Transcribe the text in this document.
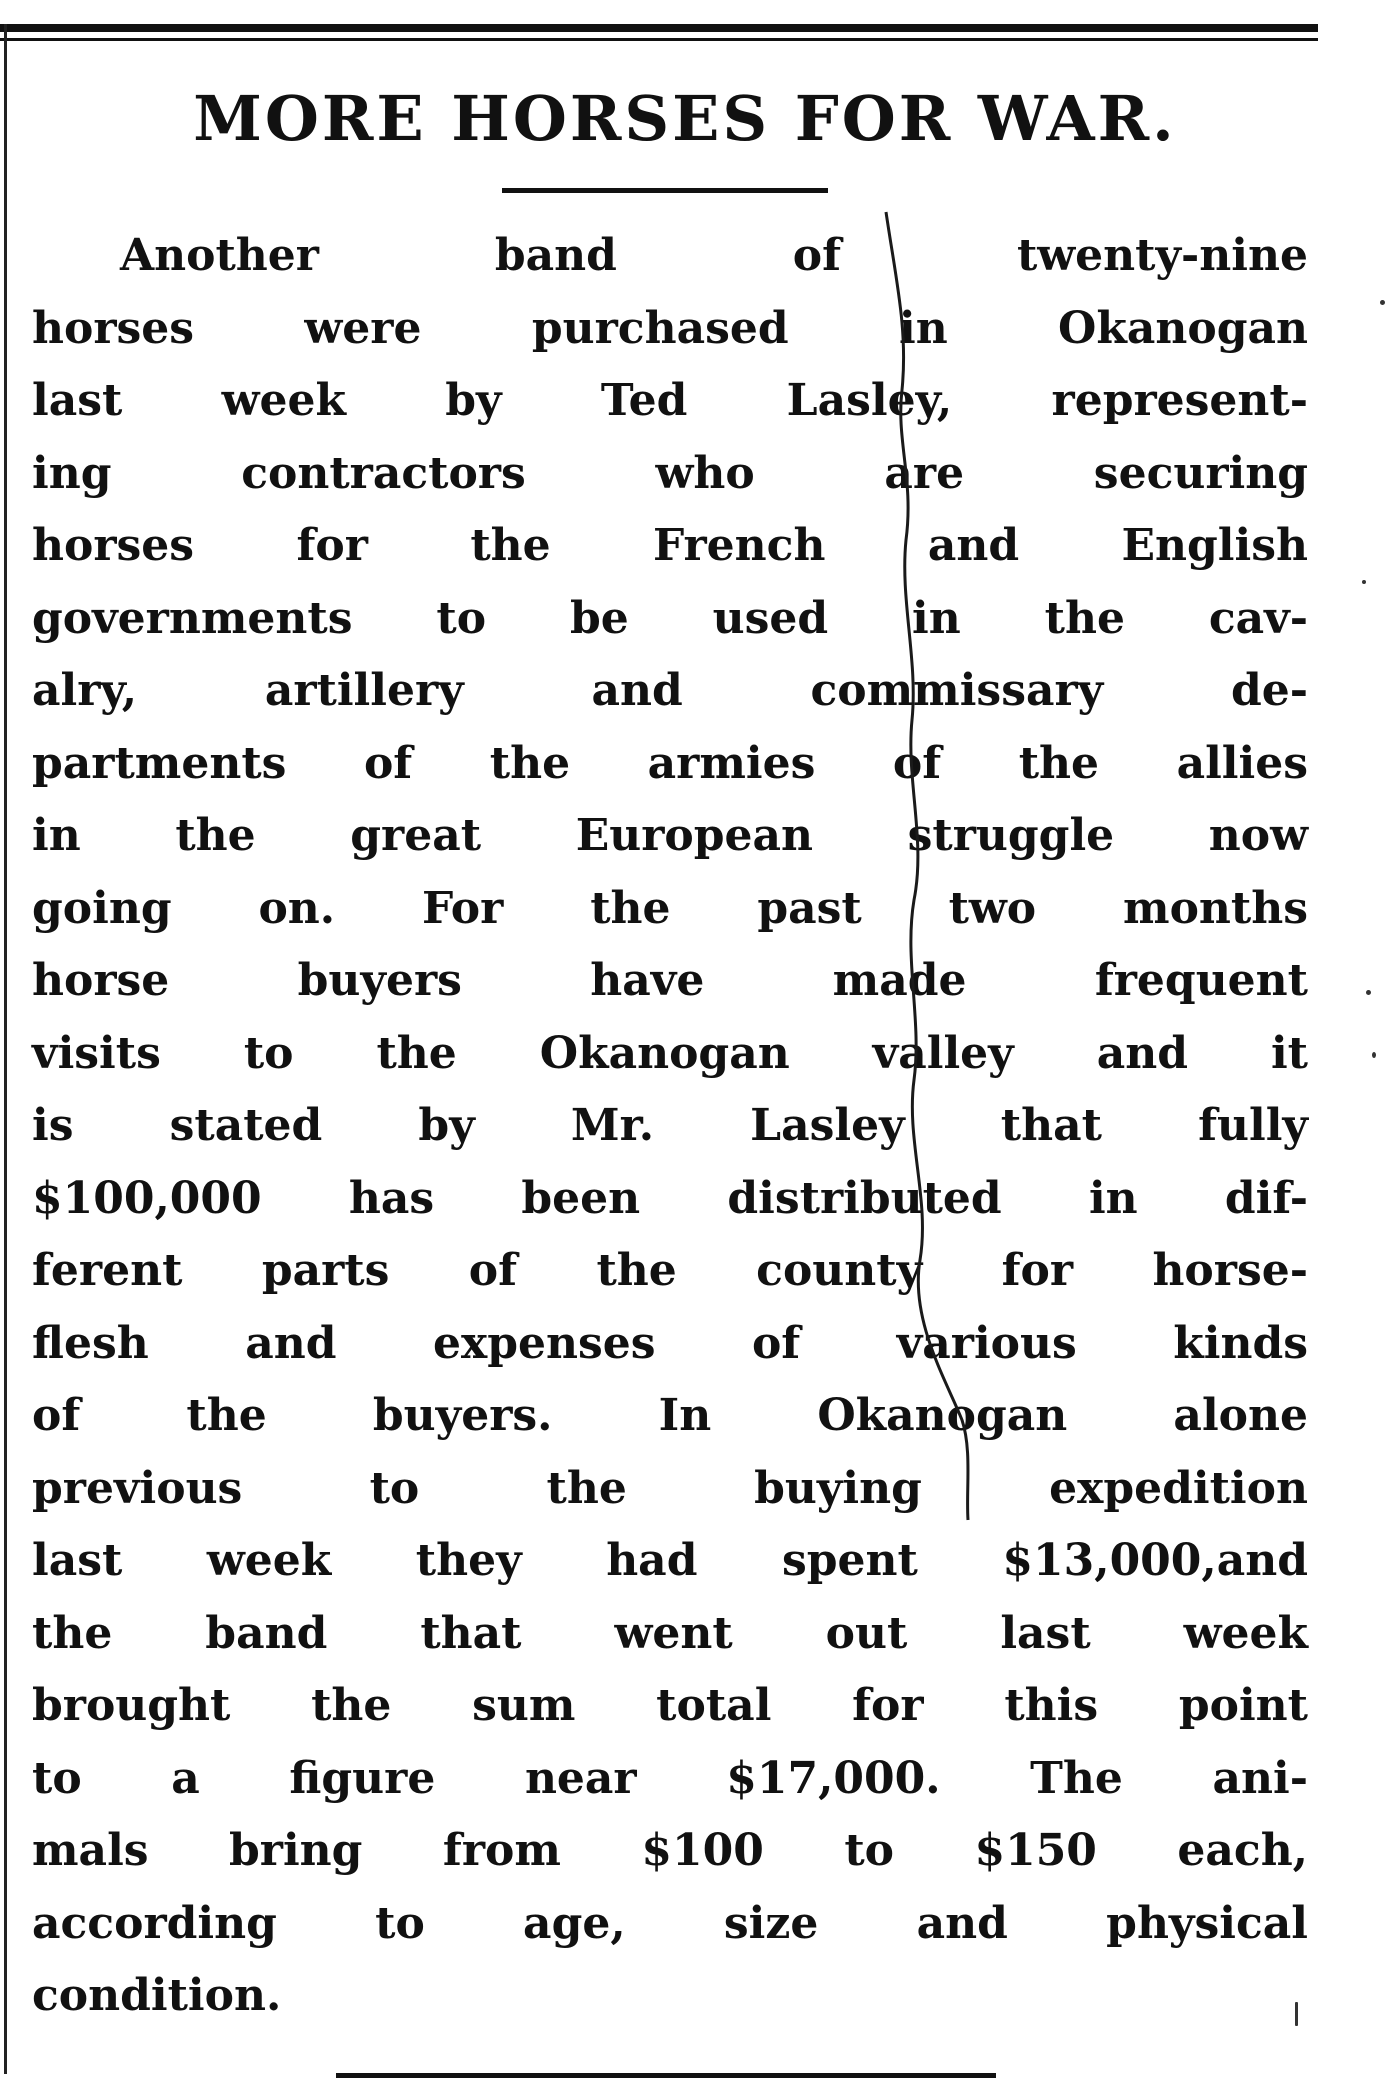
MORE HORSES FOR WAR.
Another band of twenty-nine
horses were purchased in Okanogan
last week by Ted Lasley, represent-
ing contractors who are securing
horses for the French and English
governments to be used in the cav-
alry, artillery and commissary de-
partments of the armies of the allies
in the great European struggle now
going on. For the past two months
horse buyers have made frequent
visits to the Okanogan valley and it
is stated by Mr. Lasley that fully
$100,000 has been distributed in dif-
ferent parts of the county for horse-
flesh and expenses of various kinds
of the buyers. In Okanogan alone
previous to the buying expedition
last week they had spent $13,000,and
the band that went out last week
brought the sum total for this point
to a figure near $17,000. The ani-
mals bring from $100 to $150 each,
according to age, size and physical
condition.
